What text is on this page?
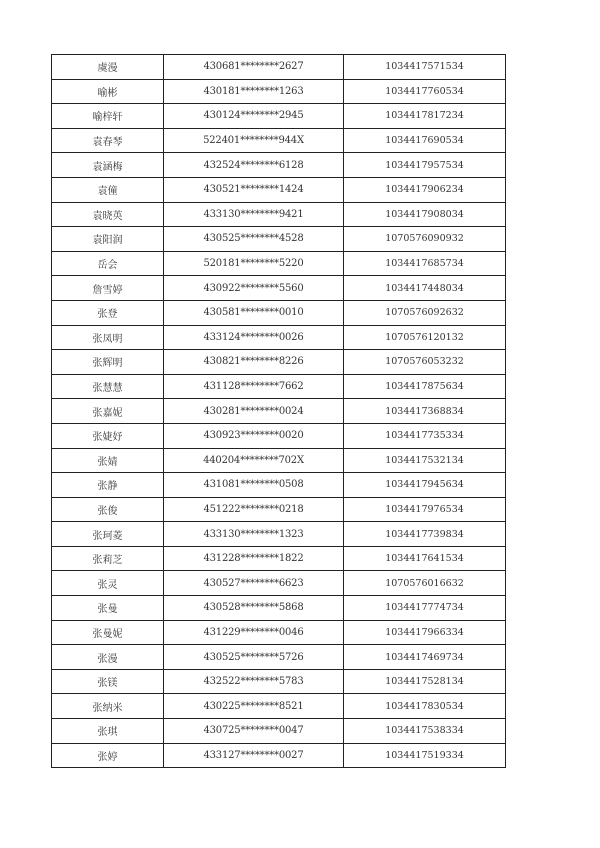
虞漫	430681********2627	1034417571534
喻彬	430181********1263	1034417760534
喻梓轩	430124********2945	1034417817234
袁春琴	522401********944X	1034417690534
袁涵梅	432524********6128	1034417957534
袁僮	430521********1424	1034417906234
袁晓英	433130********9421	1034417908034
袁阳润	430525********4528	1070576090932
岳会	520181********5220	1034417685734
詹雪婷	430922********5560	1034417448034
张登	430581********0010	1070576092632
张凤明	433124********0026	1070576120132
张辉明	430821********8226	1070576053232
张慧慧	431128********7662	1034417875634
张嘉妮	430281********0024	1034417368834
张婕妤	430923********0020	1034417735334
张婧	440204********702X	1034417532134
张静	431081********0508	1034417945634
张俊	451222********0218	1034417976534
张珂菱	433130********1323	1034417739834
张莉芝	431228********1822	1034417641534
张灵	430527********6623	1070576016632
张曼	430528********5868	1034417774734
张曼妮	431229********0046	1034417966334
张漫	430525********5726	1034417469734
张镁	432522********5783	1034417528134
张纳米	430225********8521	1034417830534
张琪	430725********0047	1034417538334
张婷	433127********0027	1034417519334
